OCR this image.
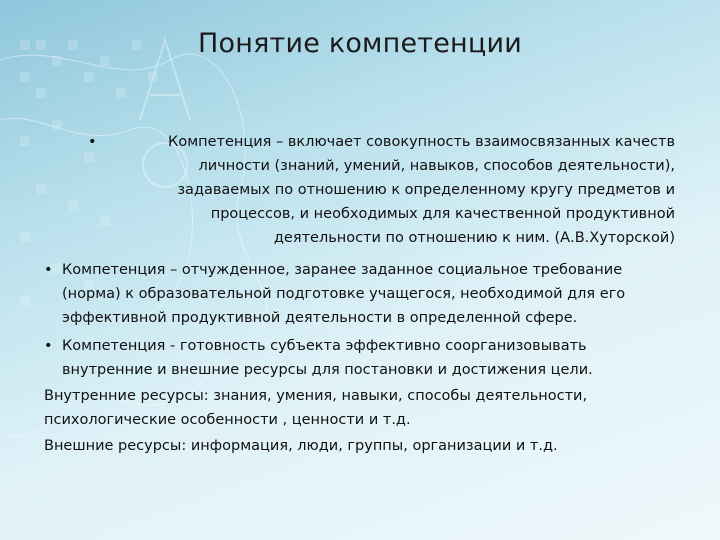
Понятие компетенции
•	Компетенция – включает совокупность взаимосвязанных качеств

личности (знаний, умений, навыков, способов деятельности),

задаваемых по отношению к определенному кругу предметов и

процессов, и необходимых для качественной продуктивной

деятельности по отношению к ним. (А.В.Хуторской)

• Компетенция – отчужденное, заранее заданное социальное требование

(норма) к образовательной подготовке учащегося, необходимой для его

эффективной продуктивной деятельности в определенной сфере.

• Компетенция - готовность субъекта эффективно соорганизовывать

внутренние и внешние ресурсы для постановки и достижения цели.

Внутренние ресурсы: знания, умения, навыки, способы деятельности,

психологические особенности , ценности и т.д.

Внешние ресурсы: информация, люди, группы, организации и т.д.
